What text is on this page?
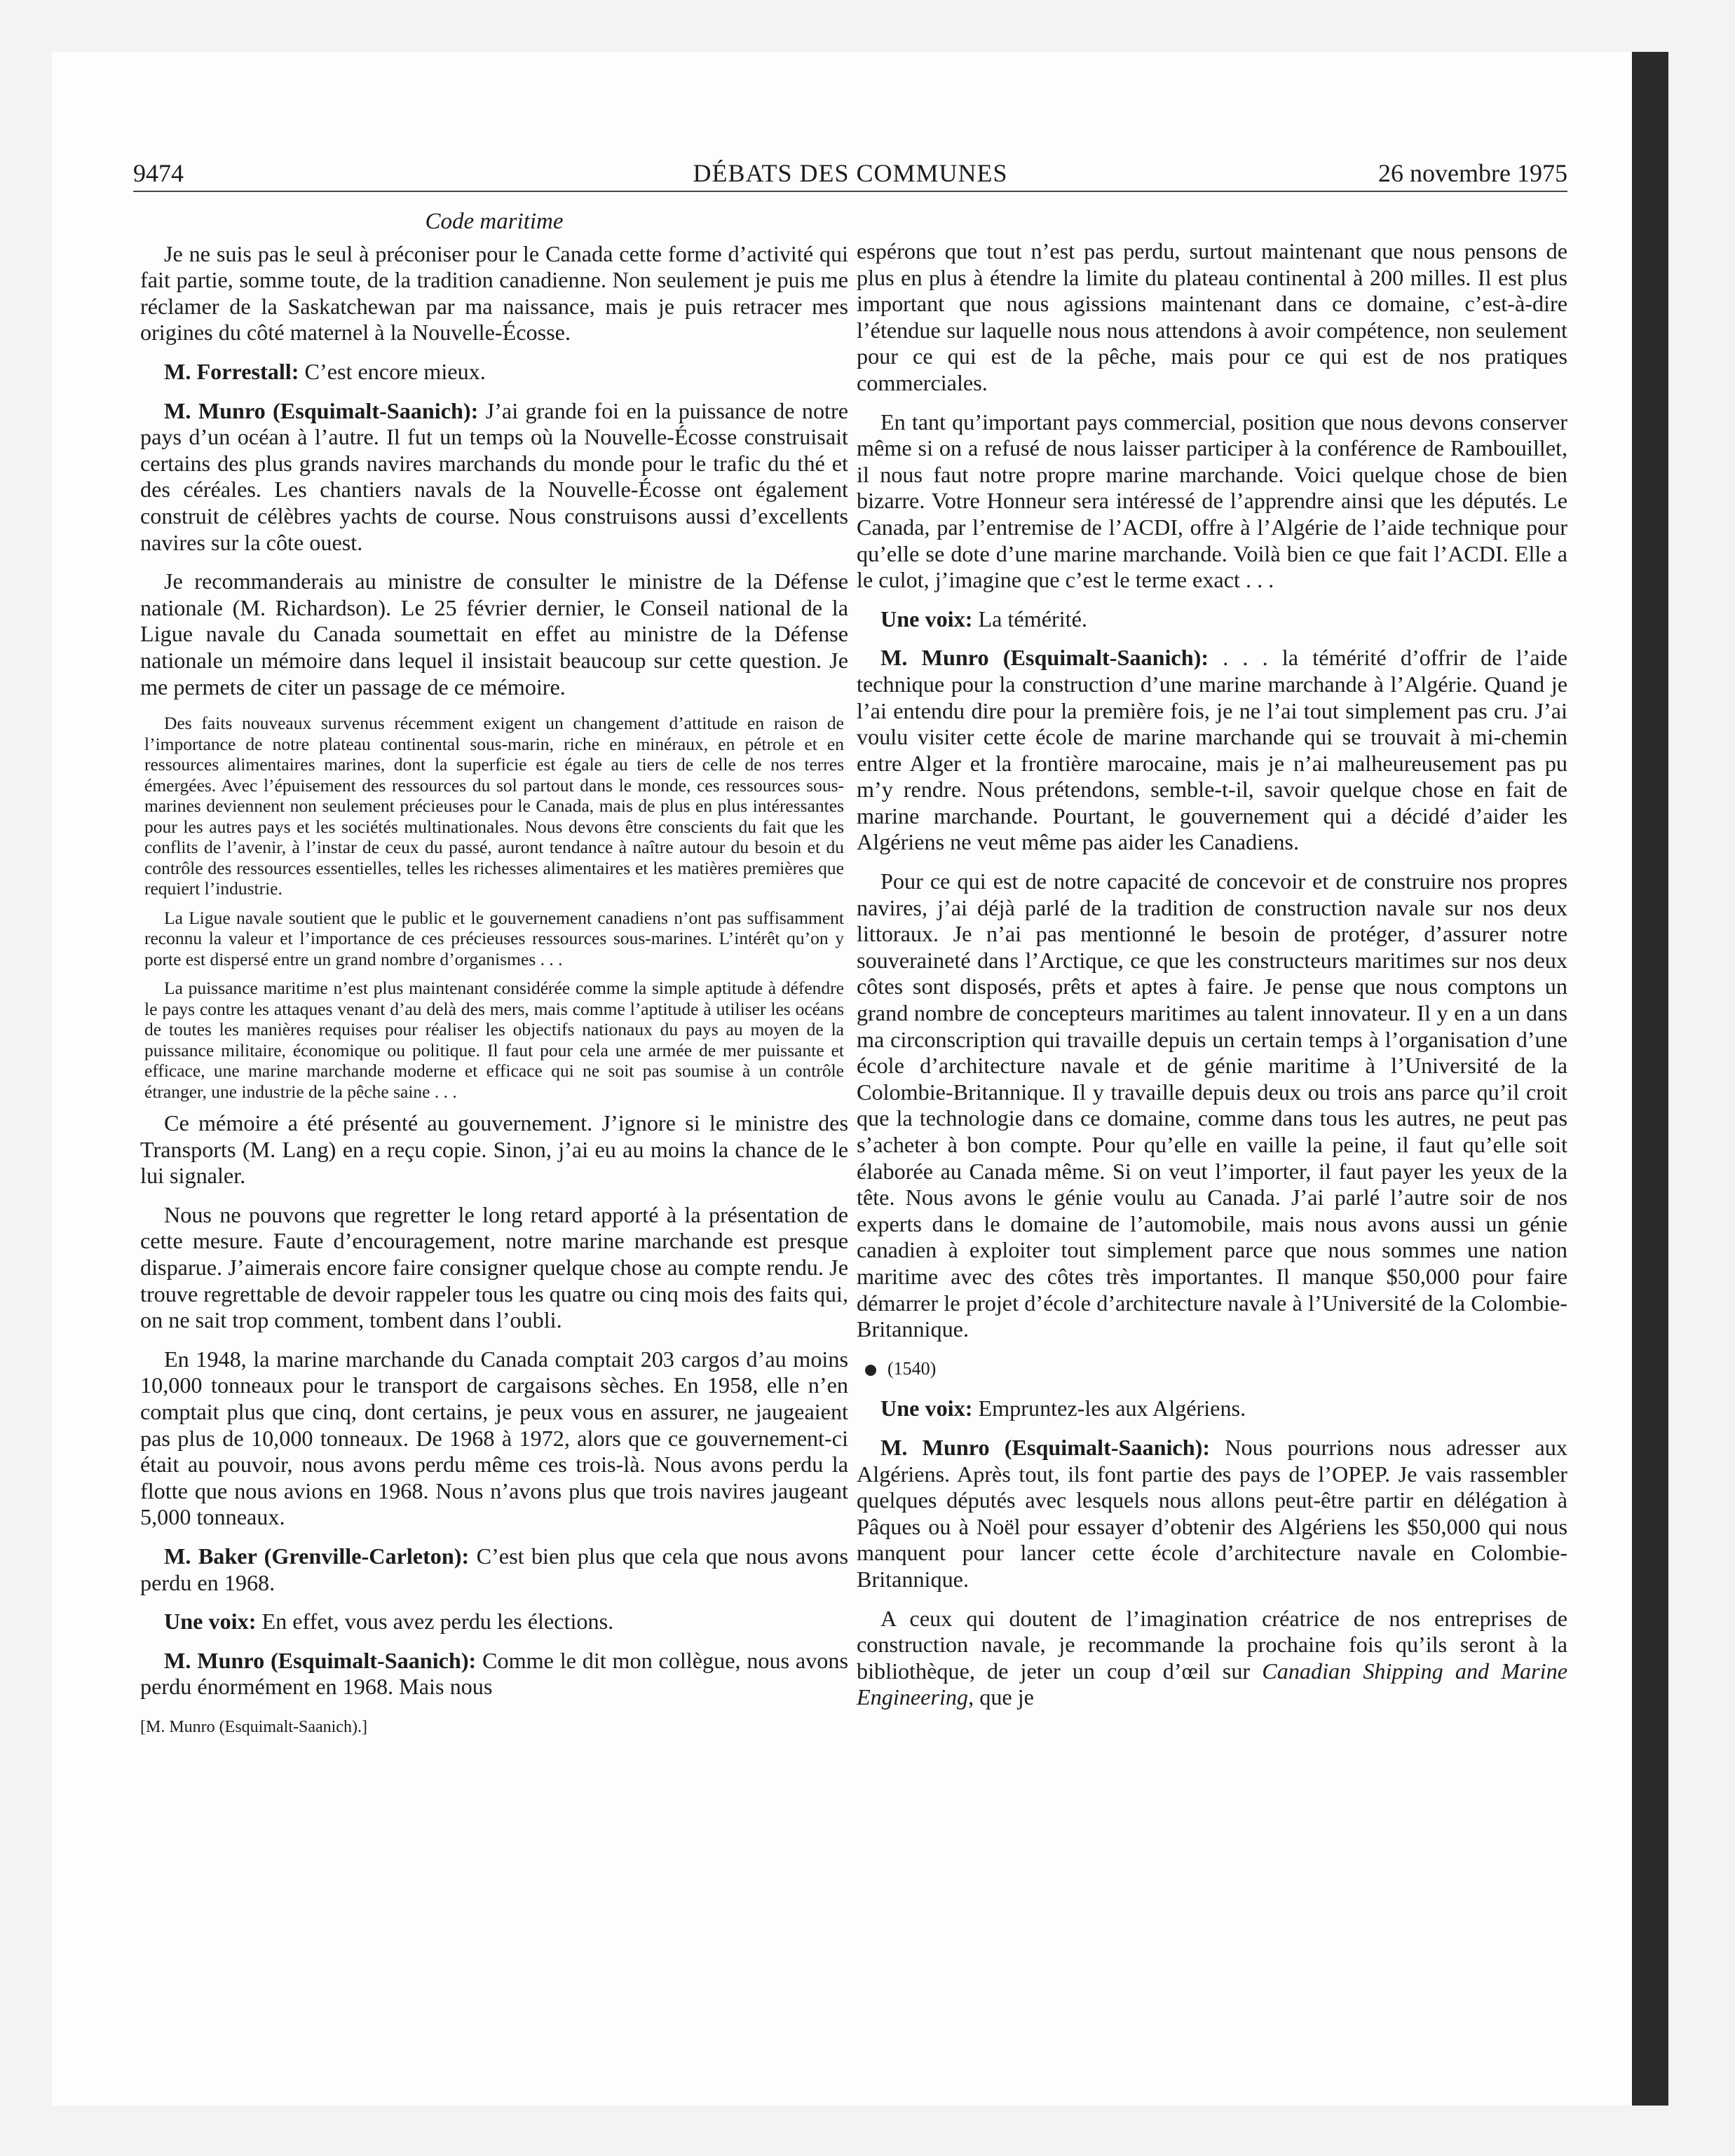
9474	DÉBATS DES COMMUNES	26 novembre 1975
Code maritime

Je ne suis pas le seul à préconiser pour le Canada cette forme d’activité qui fait partie, somme toute, de la tradition canadienne. Non seulement je puis me réclamer de la Saskatchewan par ma naissance, mais je puis retracer mes origines du côté maternel à la Nouvelle-Écosse.

M. Forrestall: C’est encore mieux.

M. Munro (Esquimalt-Saanich): J’ai grande foi en la puissance de notre pays d’un océan à l’autre. Il fut un temps où la Nouvelle-Écosse construisait certains des plus grands navires marchands du monde pour le trafic du thé et des céréales. Les chantiers navals de la Nouvelle-Écosse ont également construit de célèbres yachts de course. Nous construisons aussi d’excellents navires sur la côte ouest.

Je recommanderais au ministre de consulter le ministre de la Défense nationale (M. Richardson). Le 25 février dernier, le Conseil national de la Ligue navale du Canada soumettait en effet au ministre de la Défense nationale un mémoire dans lequel il insistait beaucoup sur cette question. Je me permets de citer un passage de ce mémoire.

Des faits nouveaux survenus récemment exigent un changement d’attitude en raison de l’importance de notre plateau continental sous-marin, riche en minéraux, en pétrole et en ressources alimentaires marines, dont la superficie est égale au tiers de celle de nos terres émergées. Avec l’épuisement des ressources du sol partout dans le monde, ces ressources sous-marines deviennent non seulement précieuses pour le Canada, mais de plus en plus intéressantes pour les autres pays et les sociétés multinationales. Nous devons être conscients du fait que les conflits de l’avenir, à l’instar de ceux du passé, auront tendance à naître autour du besoin et du contrôle des ressources essentielles, telles les richesses alimentaires et les matières premières que requiert l’industrie.

La Ligue navale soutient que le public et le gouvernement canadiens n’ont pas suffisamment reconnu la valeur et l’importance de ces précieuses ressources sous-marines. L’intérêt qu’on y porte est dispersé entre un grand nombre d’organismes . . .

La puissance maritime n’est plus maintenant considérée comme la simple aptitude à défendre le pays contre les attaques venant d’au delà des mers, mais comme l’aptitude à utiliser les océans de toutes les manières requises pour réaliser les objectifs nationaux du pays au moyen de la puissance militaire, économique ou politique. Il faut pour cela une armée de mer puissante et efficace, une marine marchande moderne et efficace qui ne soit pas soumise à un contrôle étranger, une industrie de la pêche saine . . .

Ce mémoire a été présenté au gouvernement. J’ignore si le ministre des Transports (M. Lang) en a reçu copie. Sinon, j’ai eu au moins la chance de le lui signaler.

Nous ne pouvons que regretter le long retard apporté à la présentation de cette mesure. Faute d’encouragement, notre marine marchande est presque disparue. J’aimerais encore faire consigner quelque chose au compte rendu. Je trouve regrettable de devoir rappeler tous les quatre ou cinq mois des faits qui, on ne sait trop comment, tombent dans l’oubli.

En 1948, la marine marchande du Canada comptait 203 cargos d’au moins 10,000 tonneaux pour le transport de cargaisons sèches. En 1958, elle n’en comptait plus que cinq, dont certains, je peux vous en assurer, ne jaugeaient pas plus de 10,000 tonneaux. De 1968 à 1972, alors que ce gouvernement-ci était au pouvoir, nous avons perdu même ces trois-là. Nous avons perdu la flotte que nous avions en 1968. Nous n’avons plus que trois navires jaugeant 5,000 tonneaux.

M. Baker (Grenville-Carleton): C’est bien plus que cela que nous avons perdu en 1968.

Une voix: En effet, vous avez perdu les élections.

M. Munro (Esquimalt-Saanich): Comme le dit mon collègue, nous avons perdu énormément en 1968. Mais nous

[M. Munro (Esquimalt-Saanich).]

espérons que tout n’est pas perdu, surtout maintenant que nous pensons de plus en plus à étendre la limite du plateau continental à 200 milles. Il est plus important que nous agissions maintenant dans ce domaine, c’est-à-dire l’étendue sur laquelle nous nous attendons à avoir compétence, non seulement pour ce qui est de la pêche, mais pour ce qui est de nos pratiques commerciales.

En tant qu’important pays commercial, position que nous devons conserver même si on a refusé de nous laisser participer à la conférence de Rambouillet, il nous faut notre propre marine marchande. Voici quelque chose de bien bizarre. Votre Honneur sera intéressé de l’apprendre ainsi que les députés. Le Canada, par l’entremise de l’ACDI, offre à l’Algérie de l’aide technique pour qu’elle se dote d’une marine marchande. Voilà bien ce que fait l’ACDI. Elle a le culot, j’imagine que c’est le terme exact . . .

Une voix: La témérité.

M. Munro (Esquimalt-Saanich): . . . la témérité d’offrir de l’aide technique pour la construction d’une marine marchande à l’Algérie. Quand je l’ai entendu dire pour la première fois, je ne l’ai tout simplement pas cru. J’ai voulu visiter cette école de marine marchande qui se trouvait à mi-chemin entre Alger et la frontière marocaine, mais je n’ai malheureusement pas pu m’y rendre. Nous prétendons, semble-t-il, savoir quelque chose en fait de marine marchande. Pourtant, le gouvernement qui a décidé d’aider les Algériens ne veut même pas aider les Canadiens.

Pour ce qui est de notre capacité de concevoir et de construire nos propres navires, j’ai déjà parlé de la tradition de construction navale sur nos deux littoraux. Je n’ai pas mentionné le besoin de protéger, d’assurer notre souveraineté dans l’Arctique, ce que les constructeurs maritimes sur nos deux côtes sont disposés, prêts et aptes à faire. Je pense que nous comptons un grand nombre de concepteurs maritimes au talent innovateur. Il y en a un dans ma circonscription qui travaille depuis un certain temps à l’organisation d’une école d’architecture navale et de génie maritime à l’Université de la Colombie-Britannique. Il y travaille depuis deux ou trois ans parce qu’il croit que la technologie dans ce domaine, comme dans tous les autres, ne peut pas s’acheter à bon compte. Pour qu’elle en vaille la peine, il faut qu’elle soit élaborée au Canada même. Si on veut l’importer, il faut payer les yeux de la tête. Nous avons le génie voulu au Canada. J’ai parlé l’autre soir de nos experts dans le domaine de l’automobile, mais nous avons aussi un génie canadien à exploiter tout simplement parce que nous sommes une nation maritime avec des côtes très importantes. Il manque $50,000 pour faire démarrer le projet d’école d’architecture navale à l’Université de la Colombie-Britannique.

(1540)

Une voix: Empruntez-les aux Algériens.

M. Munro (Esquimalt-Saanich): Nous pourrions nous adresser aux Algériens. Après tout, ils font partie des pays de l’OPEP. Je vais rassembler quelques députés avec lesquels nous allons peut-être partir en délégation à Pâques ou à Noël pour essayer d’obtenir des Algériens les $50,000 qui nous manquent pour lancer cette école d’architecture navale en Colombie-Britannique.

A ceux qui doutent de l’imagination créatrice de nos entreprises de construction navale, je recommande la prochaine fois qu’ils seront à la bibliothèque, de jeter un coup d’œil sur Canadian Shipping and Marine Engineering, que je
